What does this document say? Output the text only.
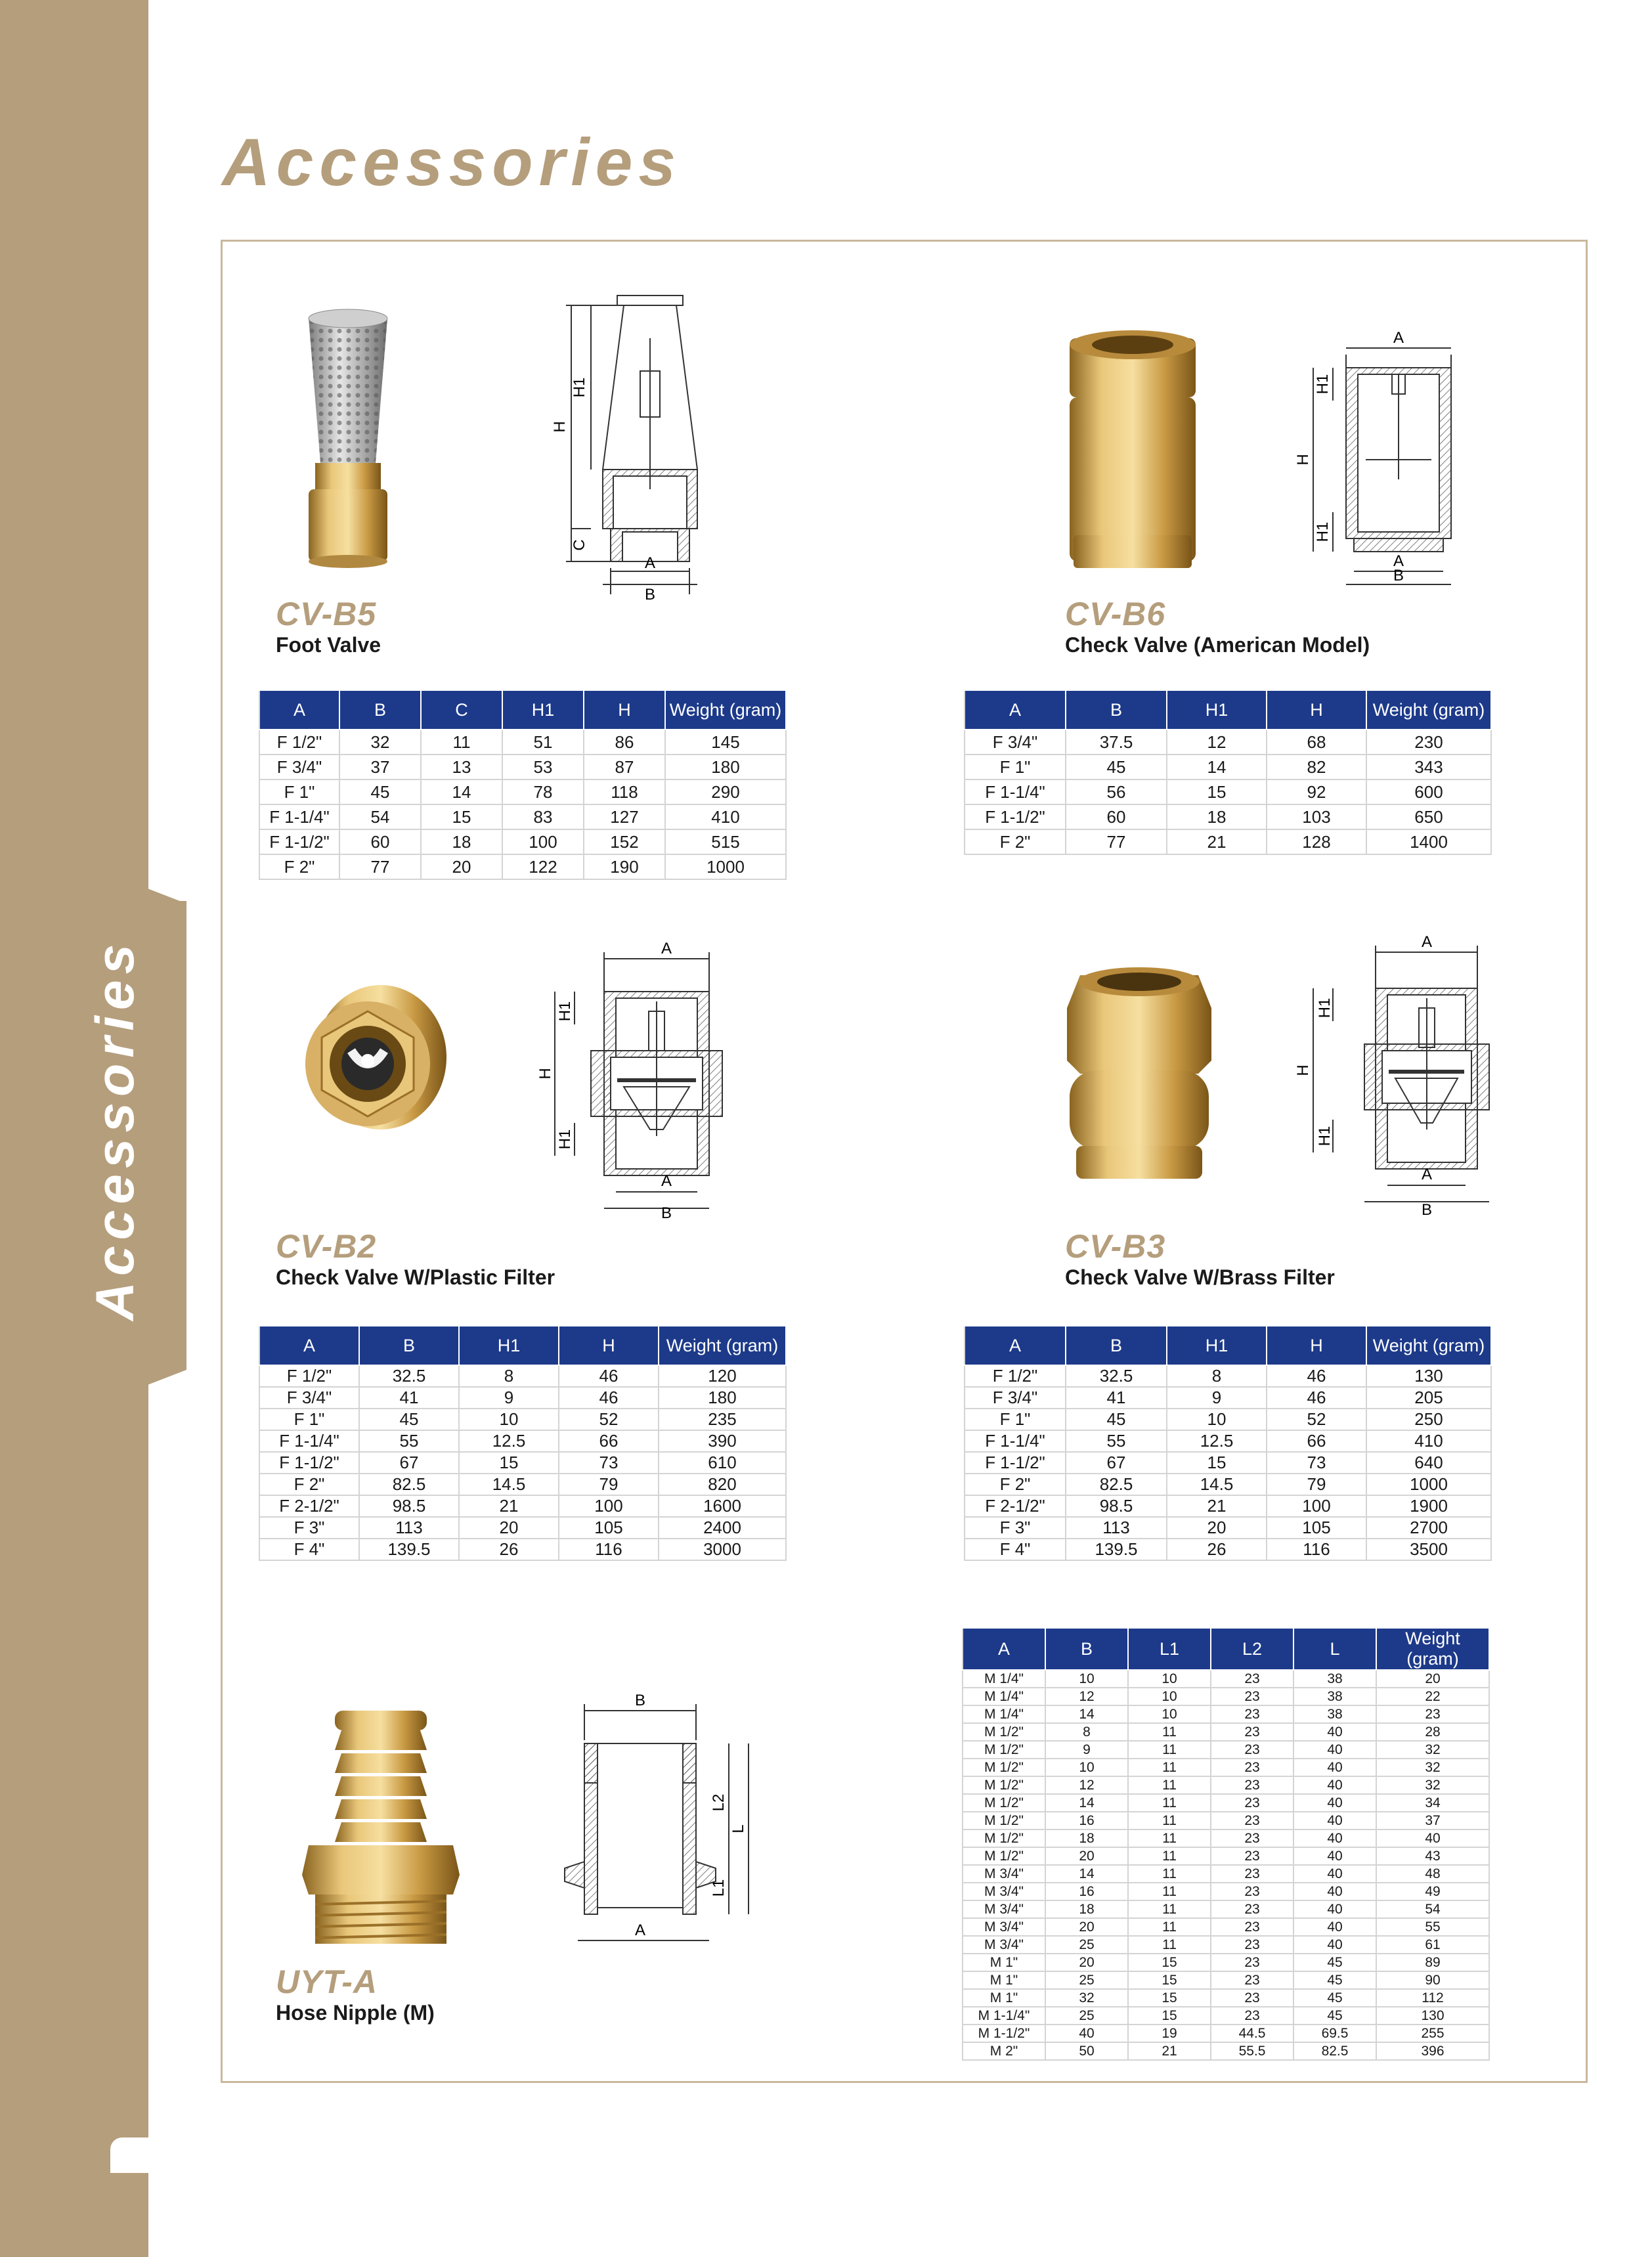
Accessories
Accessories
H
H1
C
A
B
CV-B5
Foot Valve
A	B	C	H1	H	Weight (gram)
F 1/2"	32	11	51	86	145
F 3/4"	37	13	53	87	180
F 1"	45	14	78	118	290
F 1-1/4"	54	15	83	127	410
F 1-1/2"	60	18	100	152	515
F 2"	77	20	122	190	1000
A
H
H1
H1
A
B
CV-B6
Check Valve (American Model)
A	B	H1	H	Weight (gram)
F 3/4"	37.5	12	68	230
F 1"	45	14	82	343
F 1-1/4"	56	15	92	600
F 1-1/2"	60	18	103	650
F 2"	77	21	128	1400
A
H
H1
H1
A
B
CV-B2
Check Valve W/Plastic Filter
A	B	H1	H	Weight (gram)
F 1/2"	32.5	8	46	120
F 3/4"	41	9	46	180
F 1"	45	10	52	235
F 1-1/4"	55	12.5	66	390
F 1-1/2"	67	15	73	610
F 2"	82.5	14.5	79	820
F 2-1/2"	98.5	21	100	1600
F 3"	113	20	105	2400
F 4"	139.5	26	116	3000
A
H
H1
H1
A
B
CV-B3
Check Valve W/Brass Filter
A	B	H1	H	Weight (gram)
F 1/2"	32.5	8	46	130
F 3/4"	41	9	46	205
F 1"	45	10	52	250
F 1-1/4"	55	12.5	66	410
F 1-1/2"	67	15	73	640
F 2"	82.5	14.5	79	1000
F 2-1/2"	98.5	21	100	1900
F 3"	113	20	105	2700
F 4"	139.5	26	116	3500
B
L2
L
L1
A
UYT-A
Hose Nipple (M)
A	B	L1	L2	L	Weight (gram)
M 1/4"	10	10	23	38	20
M 1/4"	12	10	23	38	22
M 1/4"	14	10	23	38	23
M 1/2"	8	11	23	40	28
M 1/2"	9	11	23	40	32
M 1/2"	10	11	23	40	32
M 1/2"	12	11	23	40	32
M 1/2"	14	11	23	40	34
M 1/2"	16	11	23	40	37
M 1/2"	18	11	23	40	40
M 1/2"	20	11	23	40	43
M 3/4"	14	11	23	40	48
M 3/4"	16	11	23	40	49
M 3/4"	18	11	23	40	54
M 3/4"	20	11	23	40	55
M 3/4"	25	11	23	40	61
M 1"	20	15	23	45	89
M 1"	25	15	23	45	90
M 1"	32	15	23	45	112
M 1-1/4"	25	15	23	45	130
M 1-1/2"	40	19	44.5	69.5	255
M 2"	50	21	55.5	82.5	396
